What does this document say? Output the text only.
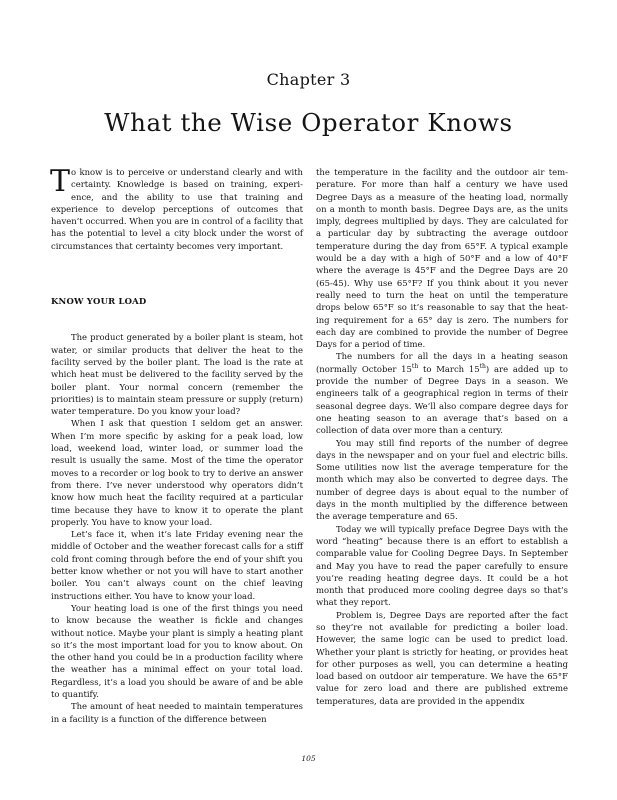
Chapter 3
What the Wise Operator Knows

To know is to perceive or understand clearly and with certainty. Knowledge is based on training, experience, and the ability to use that training and experience to develop perceptions of outcomes that haven’t occurred. When you are in control of a facility that has the potential to level a city block under the worst of circumstances that certainty becomes very important.

KNOW YOUR LOAD

The product generated by a boiler plant is steam, hot water, or similar products that deliver the heat to the facility served by the boiler plant. The load is the rate at which heat must be delivered to the facility served by the boiler plant. Your normal concern (remember the priorities) is to maintain steam pressure or supply (return) water temperature. Do you know your load?

When I ask that question I seldom get an answer. When I’m more specific by asking for a peak load, low load, weekend load, winter load, or summer load the result is usually the same. Most of the time the operator moves to a recorder or log book to try to derive an answer from there. I’ve never understood why operators didn’t know how much heat the facility required at a particular time because they have to know it to operate the plant properly. You have to know your load.

Let’s face it, when it’s late Friday evening near the middle of October and the weather forecast calls for a stiff cold front coming through before the end of your shift you better know whether or not you will have to start another boiler. You can’t always count on the chief leaving instructions either. You have to know your load.

Your heating load is one of the first things you need to know because the weather is fickle and changes without notice. Maybe your plant is simply a heating plant so it’s the most important load for you to know about. On the other hand you could be in a production facility where the weather has a minimal effect on your total load. Regardless, it’s a load you should be aware of and be able to quantify.

The amount of heat needed to maintain temperatures in a facility is a function of the difference between

the temperature in the facility and the outdoor air temperature. For more than half a century we have used Degree Days as a measure of the heating load, normally on a month to month basis. Degree Days are, as the units imply, degrees multiplied by days. They are calculated for a particular day by subtracting the average outdoor temperature during the day from 65°F. A typical example would be a day with a high of 50°F and a low of 40°F where the average is 45°F and the Degree Days are 20 (65-45). Why use 65°F? If you think about it you never really need to turn the heat on until the temperature drops below 65°F so it’s reasonable to say that the heating requirement for a 65° day is zero. The numbers for each day are combined to provide the number of Degree Days for a period of time.

The numbers for all the days in a heating season (normally October 15th to March 15th) are added up to provide the number of Degree Days in a season. We engineers talk of a geographical region in terms of their seasonal degree days. We’ll also compare degree days for one heating season to an average that’s based on a collection of data over more than a century.

You may still find reports of the number of degree days in the newspaper and on your fuel and electric bills. Some utilities now list the average temperature for the month which may also be converted to degree days. The number of degree days is about equal to the number of days in the month multiplied by the difference between the average temperature and 65.

Today we will typically preface Degree Days with the word “heating” because there is an effort to establish a comparable value for Cooling Degree Days. In September and May you have to read the paper carefully to ensure you’re reading heating degree days. It could be a hot month that produced more cooling degree days so that’s what they report.

Problem is, Degree Days are reported after the fact so they’re not available for predicting a boiler load. However, the same logic can be used to predict load. Whether your plant is strictly for heating, or provides heat for other purposes as well, you can determine a heating load based on outdoor air temperature. We have the 65°F value for zero load and there are published extreme temperatures, data are provided in the appendix

105
